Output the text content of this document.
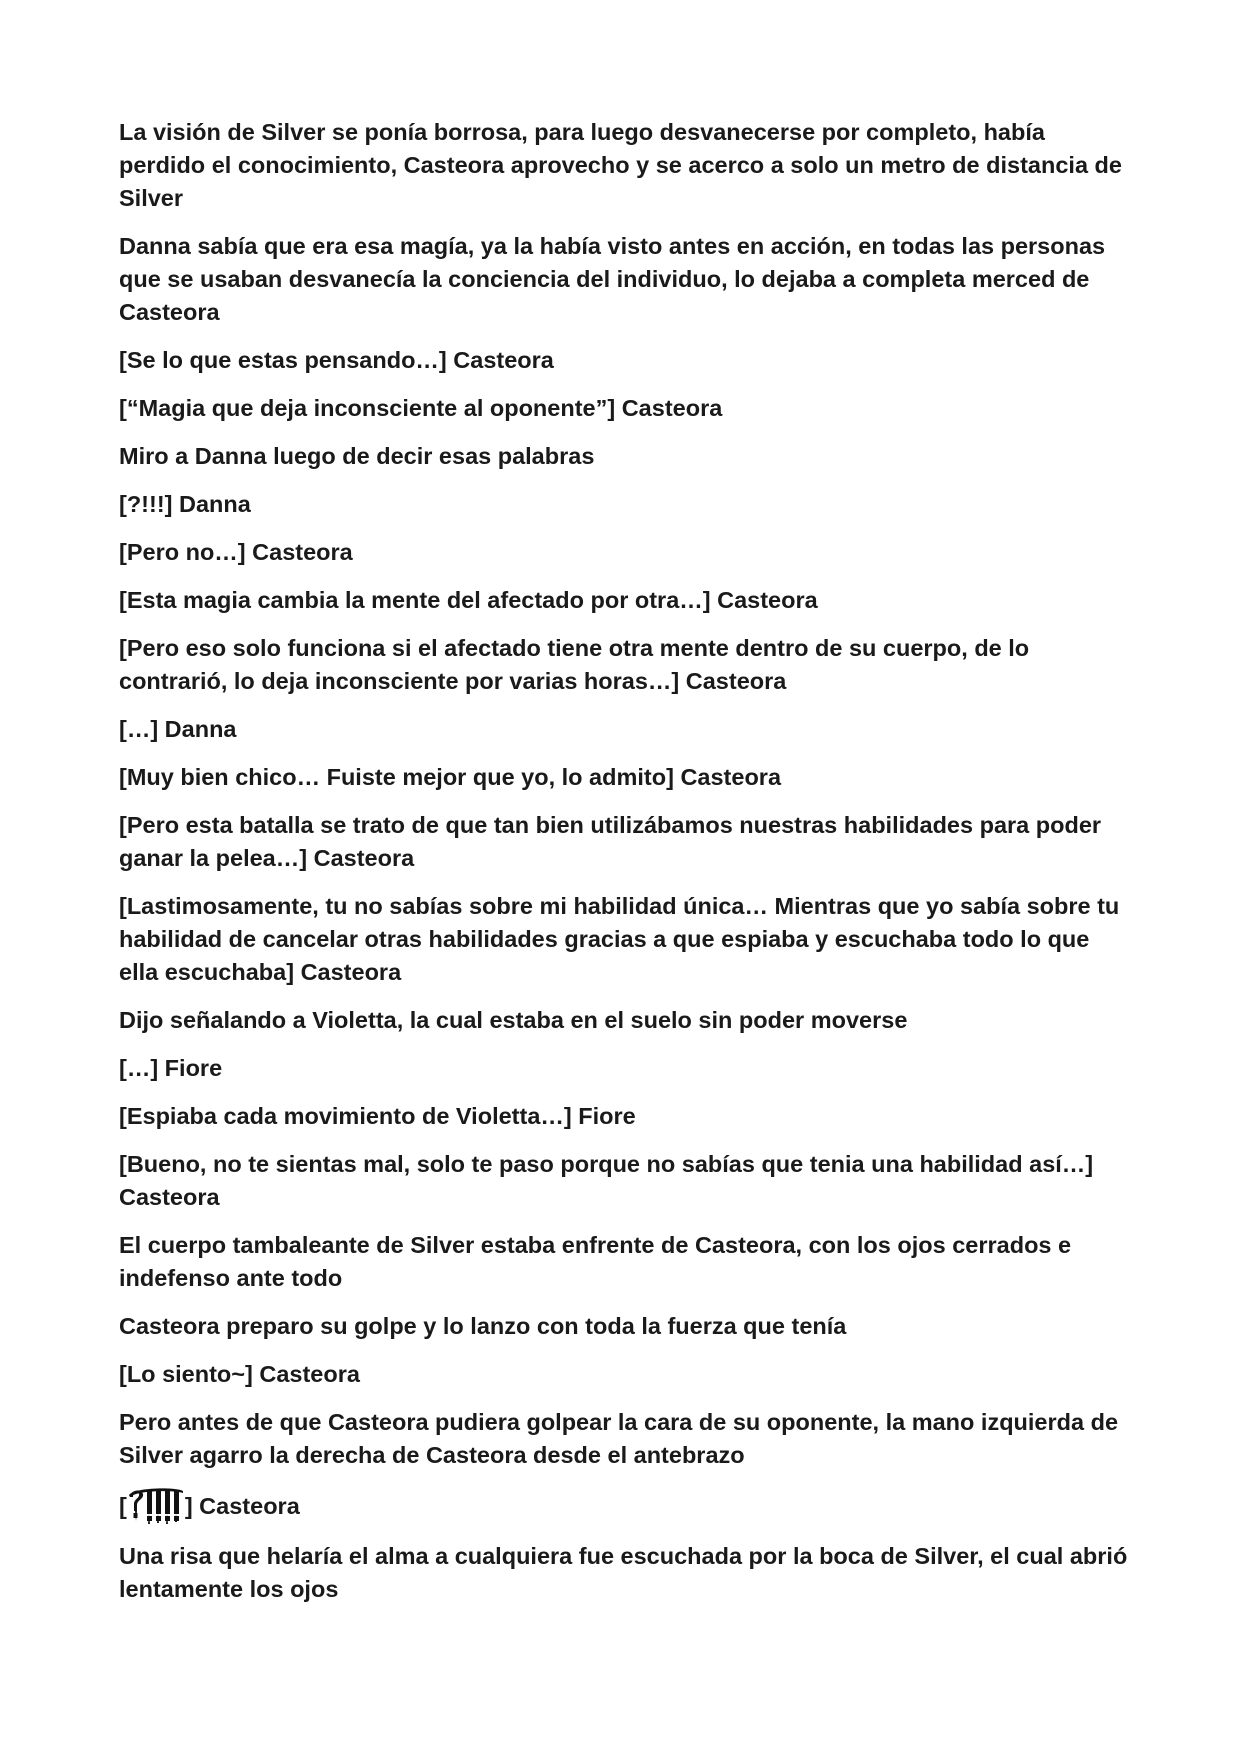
La visión de Silver se ponía borrosa, para luego desvanecerse por completo, había perdido el conocimiento, Casteora aprovecho y se acerco a solo un metro de distancia de Silver

Danna sabía que era esa magía, ya la había visto antes en acción, en todas las personas que se usaban desvanecía la conciencia del individuo, lo dejaba a completa merced de Casteora

[Se lo que estas pensando…] Casteora

[“Magia que deja inconsciente al oponente”] Casteora

Miro a Danna luego de decir esas palabras

[?!!!] Danna

[Pero no…] Casteora

[Esta magia cambia la mente del afectado por otra…] Casteora

[Pero eso solo funciona si el afectado tiene otra mente dentro de su cuerpo, de lo contrarió, lo deja inconsciente por varias horas…] Casteora

[…] Danna

[Muy bien chico… Fuiste mejor que yo, lo admito] Casteora

[Pero esta batalla se trato de que tan bien utilizábamos nuestras habilidades para poder ganar la pelea…] Casteora

[Lastimosamente, tu no sabías sobre mi habilidad única… Mientras que yo sabía sobre tu habilidad de cancelar otras habilidades gracias a que espiaba y escuchaba todo lo que ella escuchaba] Casteora

Dijo señalando a Violetta, la cual estaba en el suelo sin poder moverse

[…] Fiore

[Espiaba cada movimiento de Violetta…] Fiore

[Bueno, no te sientas mal, solo te paso porque no sabías que tenia una habilidad así…] Casteora

El cuerpo tambaleante de Silver estaba enfrente de Casteora, con los ojos cerrados e indefenso ante todo

Casteora preparo su golpe y lo lanzo con toda la fuerza que tenía

[Lo siento~] Casteora

Pero antes de que Casteora pudiera golpear la cara de su oponente, la mano izquierda de Silver agarro la derecha de Casteora desde el antebrazo

[ ] Casteora

Una risa que helaría el alma a cualquiera fue escuchada por la boca de Silver, el cual abrió lentamente los ojos
